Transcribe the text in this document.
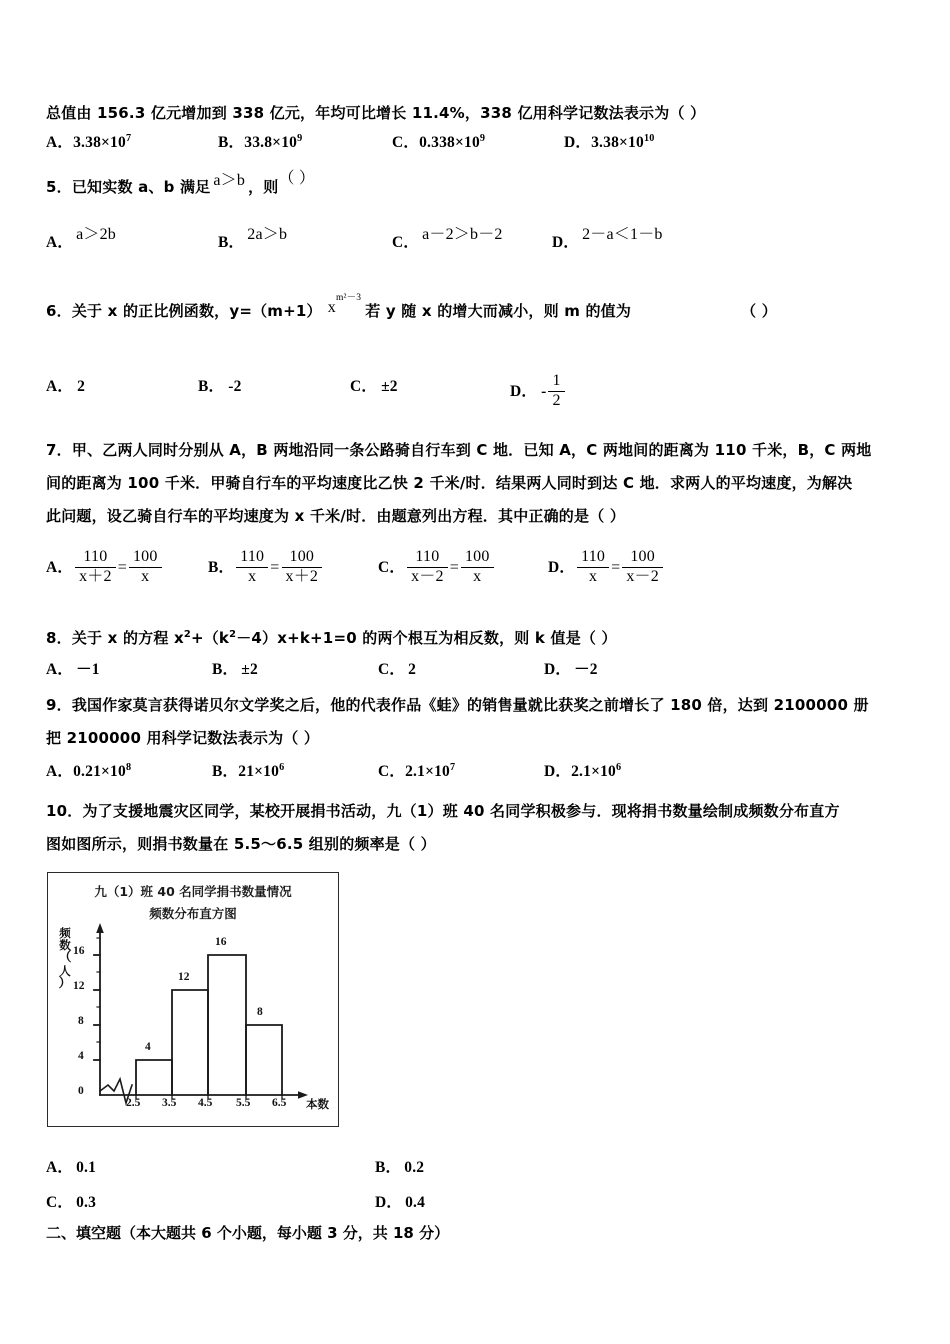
总值由 156.3 亿元增加到 338 亿元，年均可比增长 11.4%，338 亿用科学记数法表示为（ ）
A．$3.38\times 10^7$	B．$33.8\times 10^9$	C．$0.338\times 10^9$	D．$3.38\times 10^{10}$
5．已知实数 a、b 满足 a＞b ，则（ ）
A． a＞2b	B． 2a＞b	C． a－2＞b－2	D． 2－a＜1－b
6．关于 x 的正比例函数，y=（m+1） $x^{m^2-3}$若 y 随 x 的增大而减小，则 m 的值为	（ ）
A． 2	B． -2	C． ±2	D． - $\frac{1}{2}$
7．甲、乙两人同时分别从 A，B 两地沿同一条公路骑自行车到 C 地．已知 A，C 两地间的距离为 110 千米，B，C 两地
间的距离为 100 千米．甲骑自行车的平均速度比乙快 2 千米/时．结果两人同时到达 C 地．求两人的平均速度，为解决
此问题，设乙骑自行车的平均速度为 x 千米/时．由题意列出方程．其中正确的是（ ）
A． $\frac{110}{x+2} = \frac{100}{x}$	B． $\frac{110}{x} = \frac{100}{x+2}$	C． $\frac{110}{x-2} = \frac{100}{x}$	D． $\frac{110}{x} = \frac{100}{x-2}$
8．关于 x 的方程 $x^2+(k^2-4)x+k+1=0$ 的两个根互为相反数，则 k 值是（ ）
A． －1	B． ±2	C． 2	D． －2
9．我国作家莫言获得诺贝尔文学奖之后，他的代表作品《蛙》的销售量就比获奖之前增长了 180 倍，达到 2100000 册
把 2100000 用科学记数法表示为（ ）
A．$0.21\times 10^8$	B．$21\times 10^6$	C．$2.1\times 10^7$	D．$2.1\times 10^6$
10．为了支援地震灾区同学，某校开展捐书活动，九（1）班 40 名同学积极参与．现将捐书数量绘制成频数分布直方
图如图所示，则捐书数量在 5.5～6.5 组别的频率是（ ）
九（1）班 40 名同学捐书数量情况
频数分布直方图
频
数
（
人
）
0
4
8
12
16
2.5 3.5 4.5 5.5 6.5 本数
4
12
16
8
A． 0.1	B． 0.2
C． 0.3	D． 0.4
二、填空题（本大题共 6 个小题，每小题 3 分，共 18 分）
